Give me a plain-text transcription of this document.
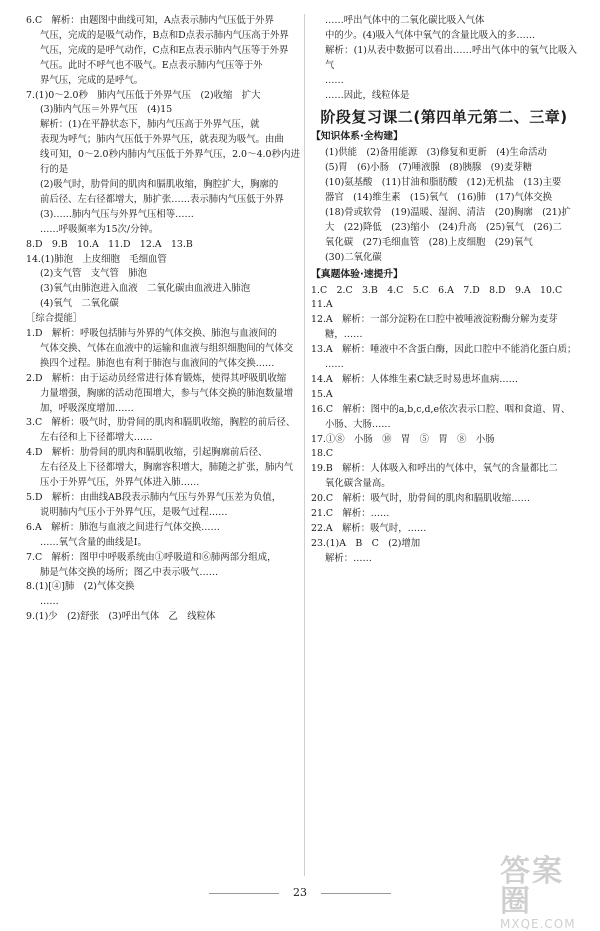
6.C　解析：由题图中曲线可知，A点表示肺内气压低于外界
气压，完成的是吸气动作，B点和D点表示肺内气压高于外界
气压，完成的是呼气动作，C点和E点表示肺内气压等于外界
气压。此时不呼气也不吸气。E点表示肺内气压等于外
界气压，完成的是呼气。
7.(1)0～2.0秒　肺内气压低于外界气压　(2)收缩　扩大
(3)肺内气压＝外界气压　(4)15
解析：(1)在平静状态下，肺内气压高于外界气压，就
表现为呼气；肺内气压低于外界气压，就表现为吸气。由曲
线可知，0～2.0秒内肺内气压低于外界气压，2.0～4.0秒内进行的是
(2)吸气时，肋骨间的肌肉和膈肌收缩，胸腔扩大，胸廓的
前后径、左右径都增大，肺扩张……表示肺内气压低于外界
(3)……肺内气压与外界气压相等……
……呼吸频率为15次/分钟。
8.D　9.B　10.A　11.D　12.A　13.B
14.(1)肺泡　上皮细胞　毛细血管
(2)支气管　支气管　肺泡
(3)氧气由肺泡进入血液　二氧化碳由血液进入肺泡
(4)氧气　二氧化碳
［综合提能］
1.D　解析：呼吸包括肺与外界的气体交换、肺泡与血液间的
气体交换、气体在血液中的运输和血液与组织细胞间的气体交
换四个过程。肺泡也有利于肺泡与血液间的气体交换……
2.D　解析：由于运动员经常进行体育锻炼，使得其呼吸肌收缩
力量增强，胸廓的活动范围增大，参与气体交换的肺泡数量增
加，呼吸深度增加……
3.C　解析：吸气时，肋骨间的肌肉和膈肌收缩，胸腔的前后径、
左右径和上下径都增大……
4.D　解析：肋骨间的肌肉和膈肌收缩，引起胸廓前后径、
左右径及上下径都增大，胸廓容积增大，肺随之扩张，肺内气
压小于外界气压，外界气体进入肺……
5.D　解析：由曲线AB段表示肺内气压与外界气压差为负值，
说明肺内气压小于外界气压，是吸气过程……
6.A　解析：肺泡与血液之间进行气体交换……
……氧气含量的曲线是Ⅰ。
7.C　解析：图甲中呼吸系统由①呼吸道和⑥肺两部分组成，
肺是气体交换的场所；图乙中表示吸气……
8.(1)[④]肺　(2)气体交换
……
9.(1)少　(2)舒张　(3)呼出气体　乙　线粒体
……呼出气体中的二氧化碳比吸入气体
中的少。(4)吸入气体中氧气的含量比吸入的多……
解析：(1)从表中数据可以看出……呼出气体中的氧气比吸入气
……
……因此，线粒体是
阶段复习课二(第四单元第二、三章)
【知识体系·全构建】
(1)供能　(2)备用能源　(3)修复和更新　(4)生命活动
(5)胃　(6)小肠　(7)唾液腺　(8)胰腺　(9)麦芽糖
(10)氨基酸　(11)甘油和脂肪酸　(12)无机盐　(13)主要
器官　(14)维生素　(15)氧气　(16)肺　(17)气体交换
(18)骨或软骨　(19)温暖、湿润、清洁　(20)胸廓　(21)扩
大　(22)降低　(23)缩小　(24)升高　(25)氧气　(26)二
氧化碳　(27)毛细血管　(28)上皮细胞　(29)氧气
(30)二氧化碳
【真题体验·速提升】
1.C　2.C　3.B　4.C　5.C　6.A　7.D　8.D　9.A　10.C
11.A
12.A　解析：一部分淀粉在口腔中被唾液淀粉酶分解为麦芽
糖，……
13.A　解析：唾液中不含蛋白酶，因此口腔中不能消化蛋白质；
……
14.A　解析：人体维生素C缺乏时易患坏血病……
15.A
16.C　解析：图中的a,b,c,d,e依次表示口腔、咽和食道、胃、
小肠、大肠……
17.①⑧　小肠　⑩　胃　⑤　胃　⑧　小肠
18.C
19.B　解析：人体吸入和呼出的气体中，氧气的含量都比二
氧化碳含量高。
20.C　解析：吸气时，肋骨间的肌肉和膈肌收缩……
21.C　解析：……
22.A　解析：吸气时，……
23.(1)A　B　C　(2)增加
解析：……
23
答案圈
MXQE.COM
